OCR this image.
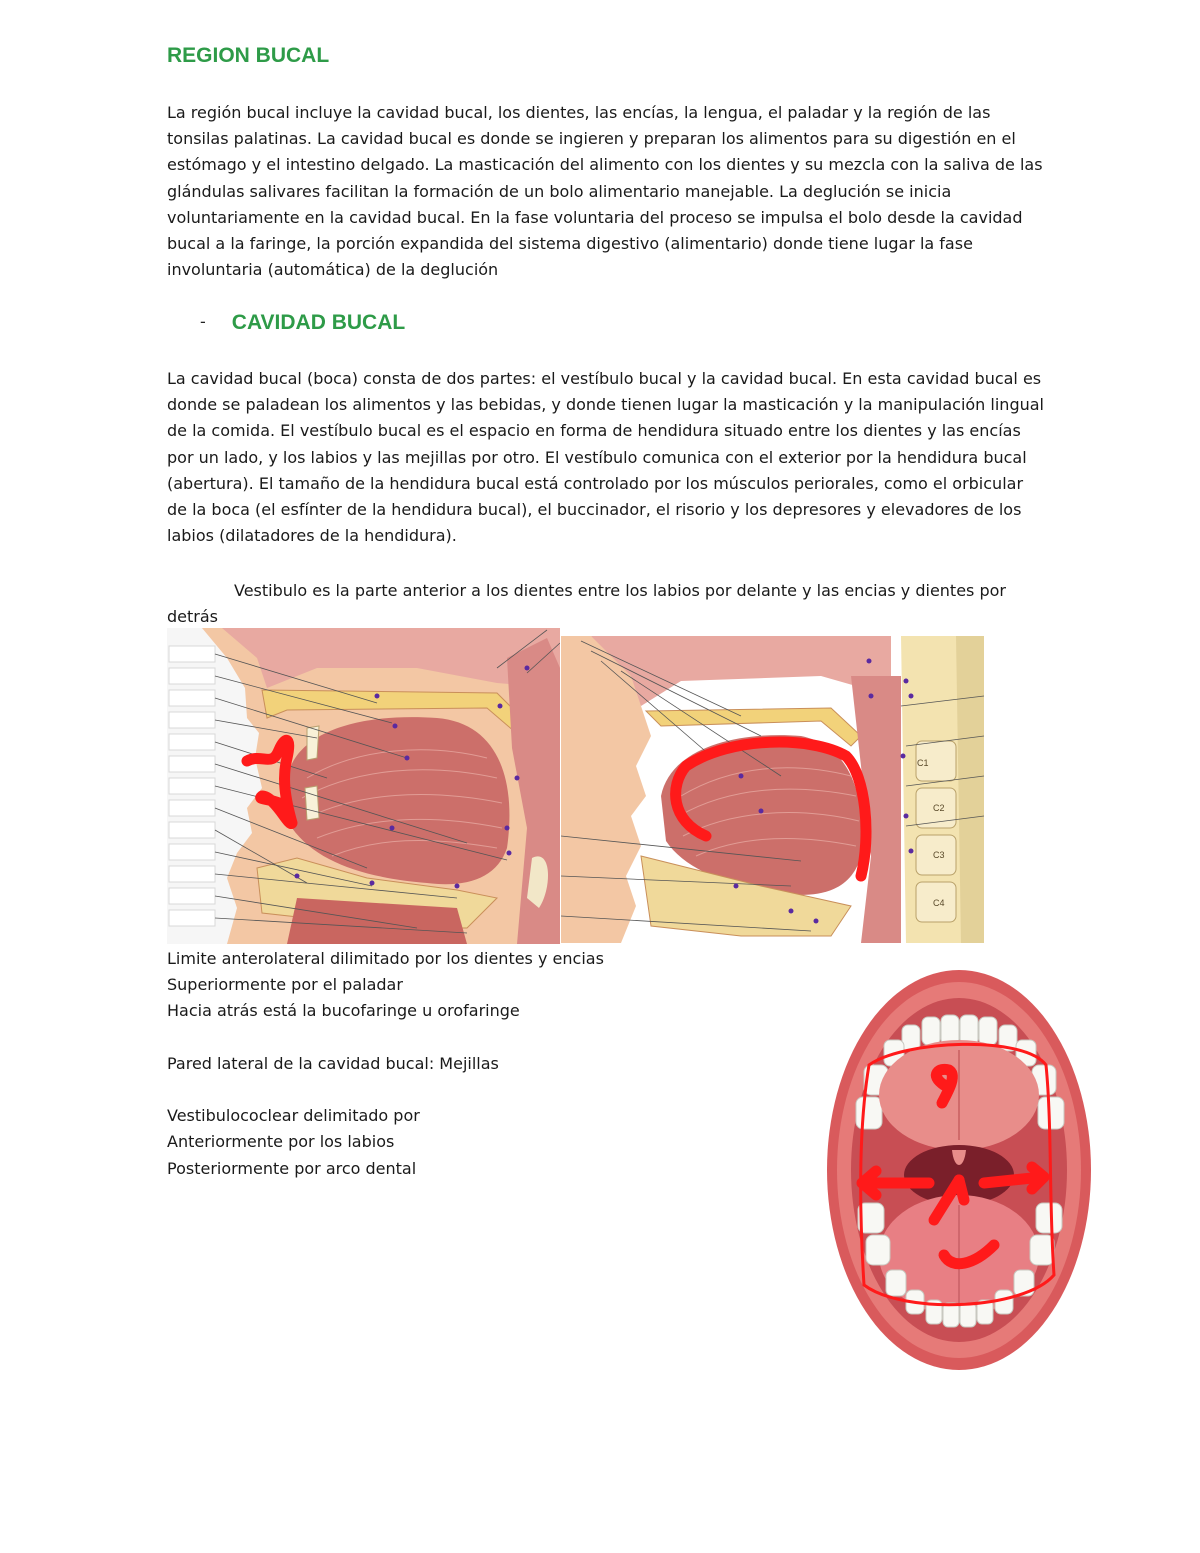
REGION BUCAL

La región bucal incluye la cavidad bucal, los dientes, las encías, la lengua, el paladar y la región de las tonsilas palatinas. La cavidad bucal es donde se ingieren y preparan los alimentos para su digestión en el estómago y el intestino delgado. La masticación del alimento con los dientes y su mezcla con la saliva de las glándulas salivares facilitan la formación de un bolo alimentario manejable. La deglución se inicia voluntariamente en la cavidad bucal. En la fase voluntaria del proceso se impulsa el bolo desde la cavidad bucal a la faringe, la porción expandida del sistema digestivo (alimentario) donde tiene lugar la fase involuntaria (automática) de la deglución

- CAVIDAD BUCAL

La cavidad bucal (boca) consta de dos partes: el vestíbulo bucal y la cavidad bucal. En esta cavidad bucal es donde se paladean los alimentos y las bebidas, y donde tienen lugar la masticación y la manipulación lingual de la comida. El vestíbulo bucal es el espacio en forma de hendidura situado entre los dientes y las encías por un lado, y los labios y las mejillas por otro. El vestíbulo comunica con el exterior por la hendidura bucal (abertura). El tamaño de la hendidura bucal está controlado por los músculos periorales, como el orbicular de la boca (el esfínter de la hendidura bucal), el buccinador, el risorio y los depresores y elevadores de los labios (dilatadores de la hendidura).

Vestibulo es la parte anterior a los dientes entre los labios por delante y las encias y dientes por detrás

C1
C2
C3
C4
Limite anterolateral dilimitado por los dientes y encias
Superiormente por el paladar
Hacia atrás está la bucofaringe u orofaringe
Pared lateral de la cavidad bucal: Mejillas
Vestibulococlear delimitado por
Anteriormente por los labios
Posteriormente por arco dental
